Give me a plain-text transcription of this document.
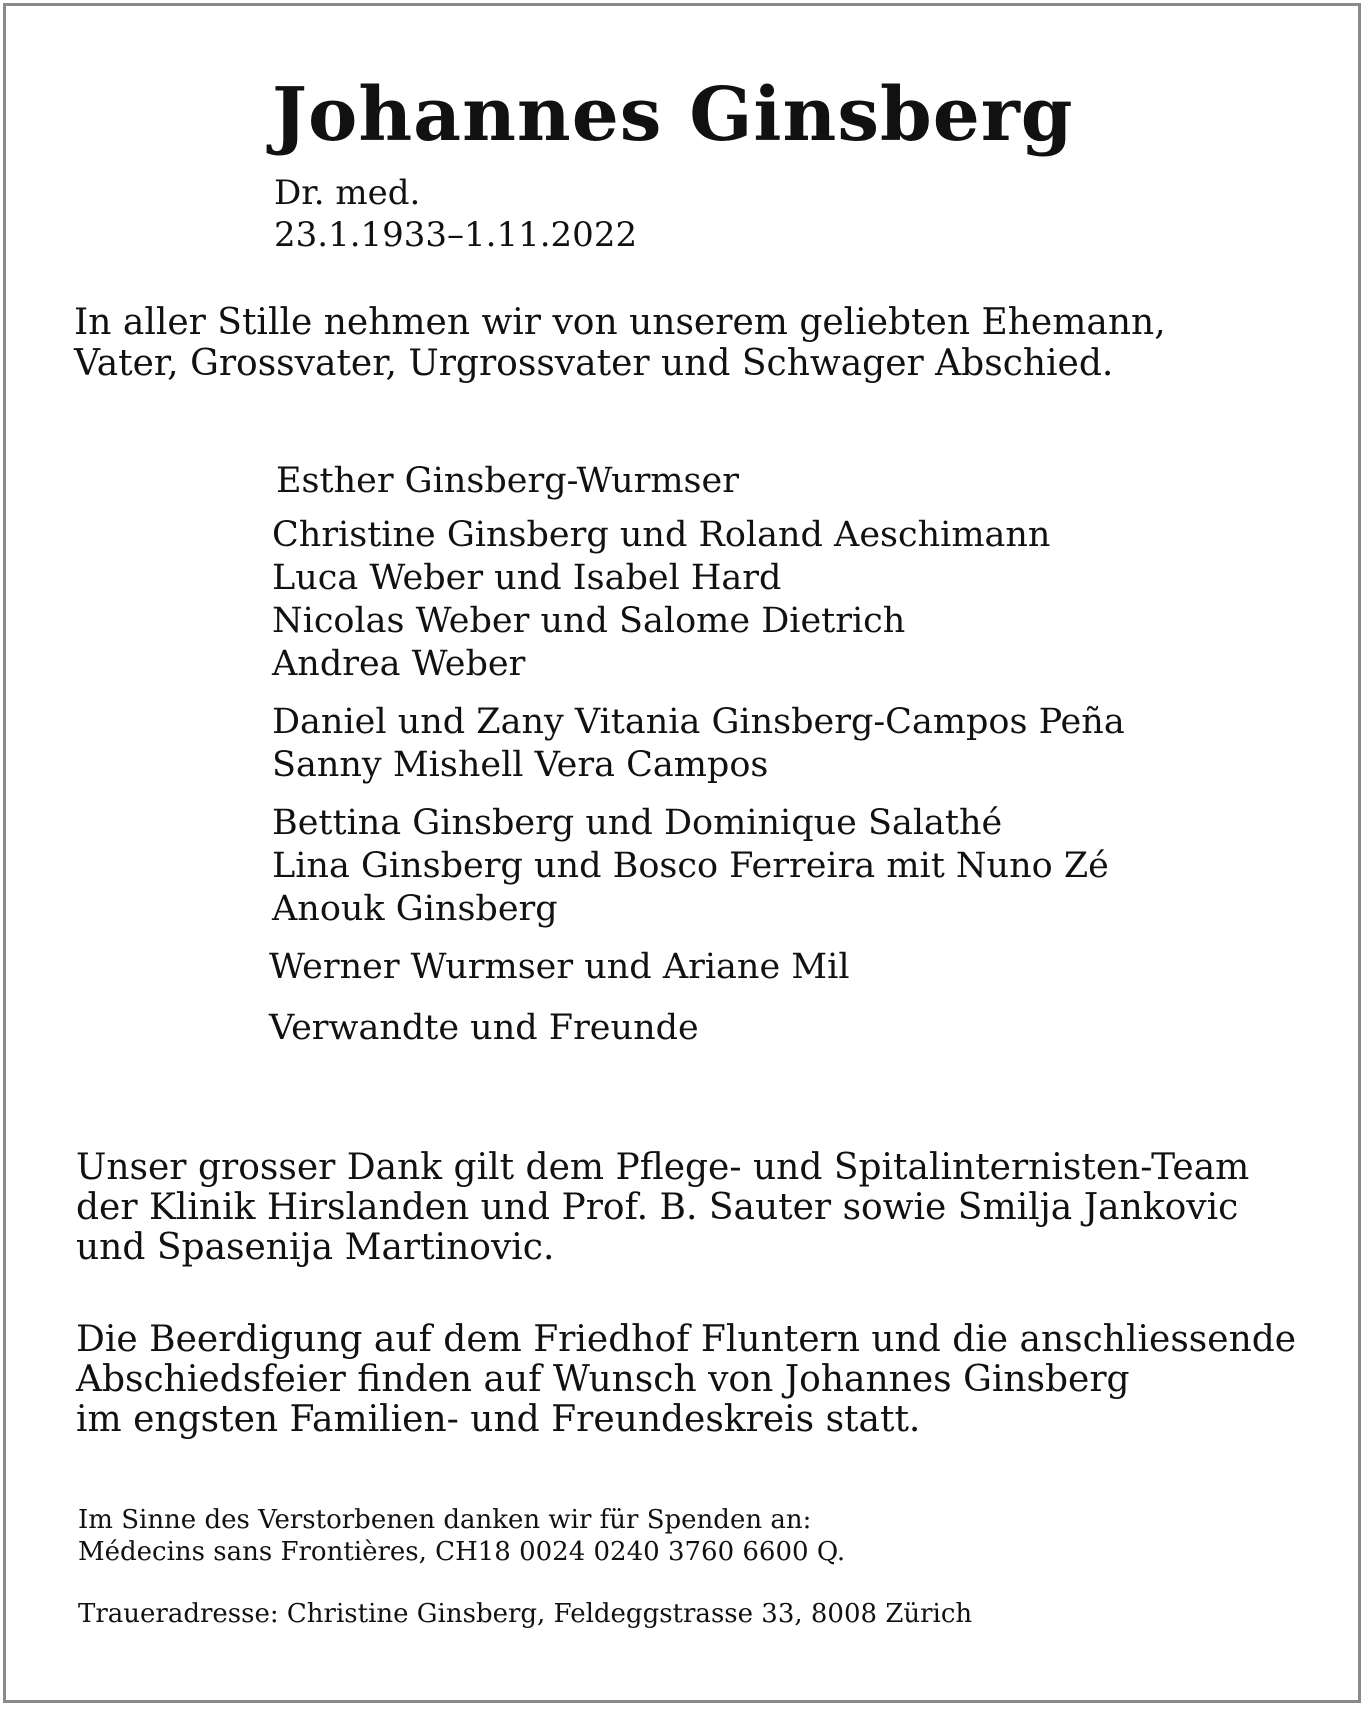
Johannes Ginsberg
Dr. med.
23.1.1933–1.11.2022
In aller Stille nehmen wir von unserem geliebten Ehemann,
Vater, Grossvater, Urgrossvater und Schwager Abschied.
Esther Ginsberg-Wurmser
Christine Ginsberg und Roland Aeschimann
Luca Weber und Isabel Hard
Nicolas Weber und Salome Dietrich
Andrea Weber
Daniel und Zany Vitania Ginsberg-Campos Peña
Sanny Mishell Vera Campos
Bettina Ginsberg und Dominique Salathé
Lina Ginsberg und Bosco Ferreira mit Nuno Zé
Anouk Ginsberg
Werner Wurmser und Ariane Mil
Verwandte und Freunde
Unser grosser Dank gilt dem Pflege- und Spitalinternisten-Team
der Klinik Hirslanden und Prof. B. Sauter sowie Smilja Jankovic
und Spasenija Martinovic.
Die Beerdigung auf dem Friedhof Fluntern und die anschliessende
Abschiedsfeier finden auf Wunsch von Johannes Ginsberg
im engsten Familien- und Freundeskreis statt.
Im Sinne des Verstorbenen danken wir für Spenden an:
Médecins sans Frontières, CH18 0024 0240 3760 6600 Q.
Traueradresse: Christine Ginsberg, Feldeggstrasse 33, 8008 Zürich
